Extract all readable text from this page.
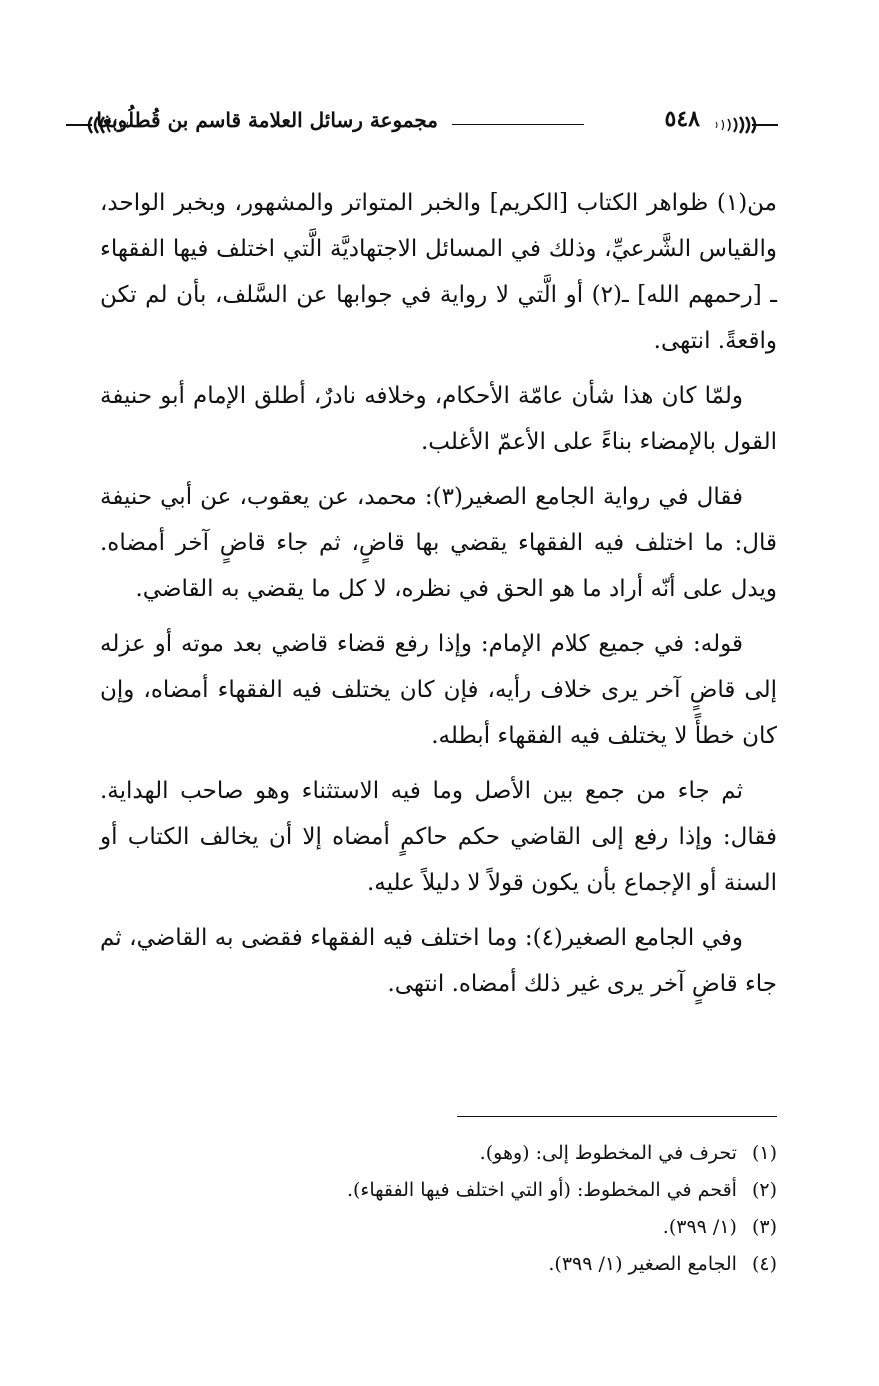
٥٤٨
مجموعة رسائل العلامة قاسم بن قُطلُوبغا

من(١) ظواهر الكتاب [الكريم] والخبر المتواتر والمشهور، وبخبر الواحد، والقياس الشَّرعيِّ، وذلك في المسائل الاجتهاديَّة الَّتي اختلف فيها الفقهاء ـ [رحمهم الله] ـ(٢) أو الَّتي لا رواية في جوابها عن السَّلف، بأن لم تكن واقعةً. انتهى.

ولمّا كان هذا شأن عامّة الأحكام، وخلافه نادرٌ، أطلق الإمام أبو حنيفة القول بالإمضاء بناءً على الأعمّ الأغلب.

فقال في رواية الجامع الصغير(٣): محمد، عن يعقوب، عن أبي حنيفة قال: ما اختلف فيه الفقهاء يقضي بها قاضٍ، ثم جاء قاضٍ آخر أمضاه. ويدل على أنّه أراد ما هو الحق في نظره، لا كل ما يقضي به القاضي.

قوله: في جميع كلام الإمام: وإذا رفع قضاء قاضي بعد موته أو عزله إلى قاضٍ آخر يرى خلاف رأيه، فإن كان يختلف فيه الفقهاء أمضاه، وإن كان خطأً لا يختلف فيه الفقهاء أبطله.

ثم جاء من جمع بين الأصل وما فيه الاستثناء وهو صاحب الهداية. فقال: وإذا رفع إلى القاضي حكم حاكمٍ أمضاه إلا أن يخالف الكتاب أو السنة أو الإجماع بأن يكون قولاً لا دليلاً عليه.

وفي الجامع الصغير(٤): وما اختلف فيه الفقهاء فقضى به القاضي، ثم جاء قاضٍ آخر يرى غير ذلك أمضاه. انتهى.

(١) تحرف في المخطوط إلى: (وهو).
(٢) أقحم في المخطوط: (أو التي اختلف فيها الفقهاء).
(٣) (١/ ٣٩٩).
(٤) الجامع الصغير (١/ ٣٩٩).
